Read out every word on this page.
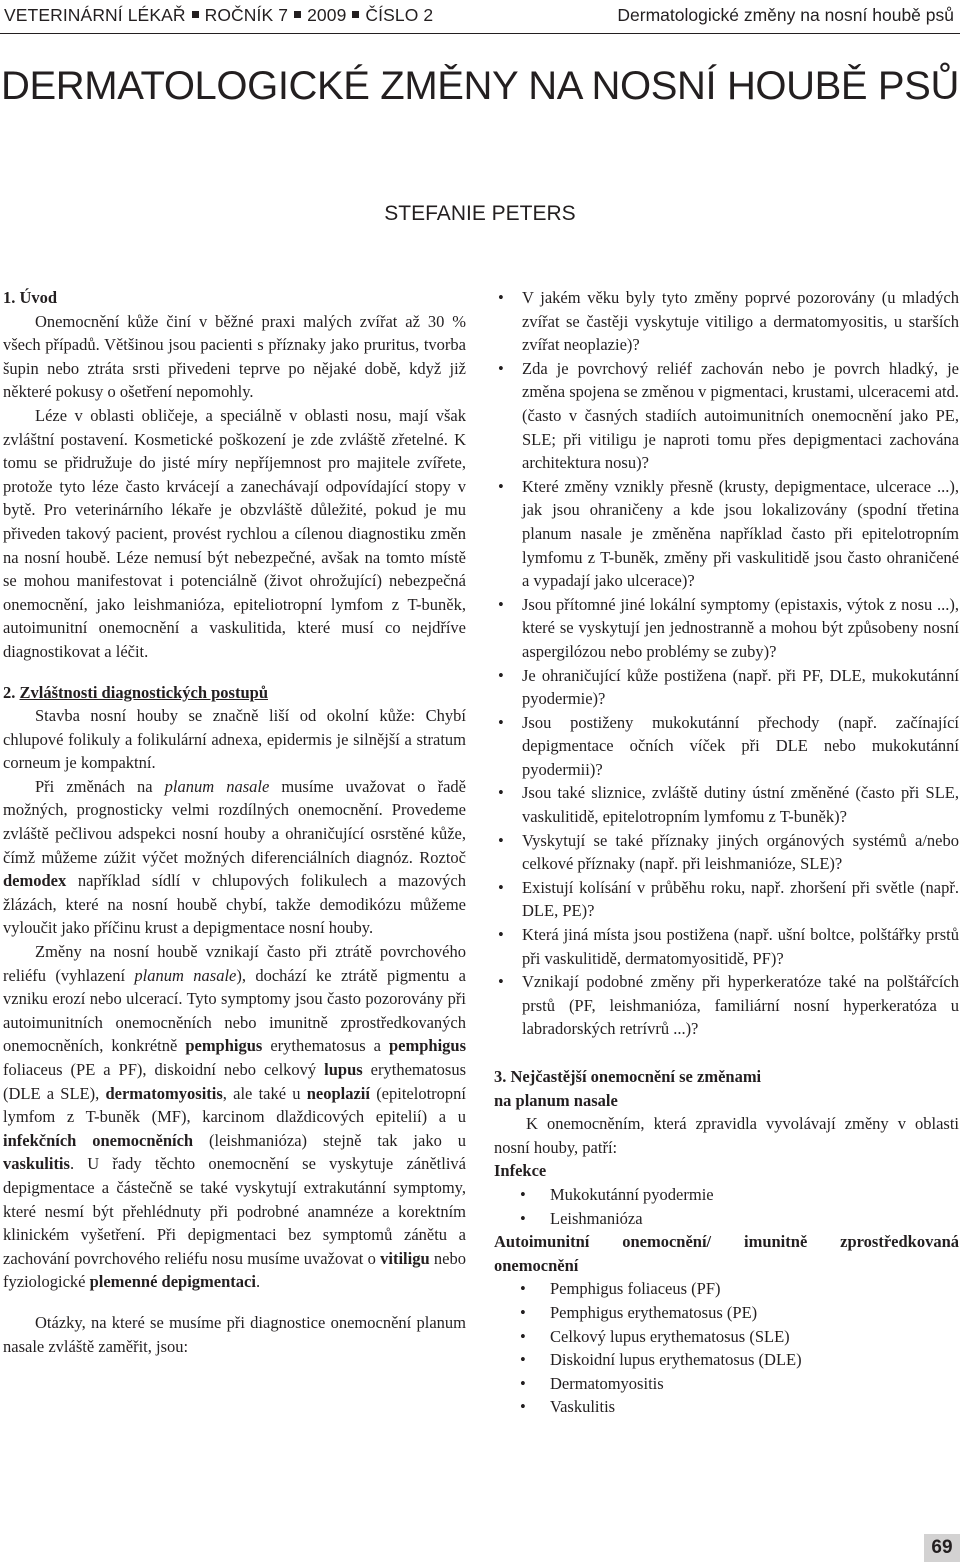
VETERINÁRNÍ LÉKAŘ ROČNÍK 7 2009 ČÍSLO 2	Dermatologické změny na nosní houbě psů
DERMATOLOGICKÉ ZMĚNY NA NOSNÍ HOUBĚ PSŮ
STEFANIE PETERS

1. Úvod

Onemocnění kůže činí v běžné praxi malých zvířat až 30 % všech případů. Většinou jsou pacienti s příznaky jako pruritus, tvorba šupin nebo ztráta srsti přivedeni teprve po nějaké době, když již některé pokusy o ošetření nepomohly.

Léze v oblasti obličeje, a speciálně v oblasti nosu, mají však zvláštní postavení. Kosmetické poškození je zde zvláště zřetelné. K tomu se přidružuje do jisté míry nepříjemnost pro majitele zvířete, protože tyto léze často krvácejí a zanechávají odpovídající stopy v bytě. Pro veterinárního lékaře je obzvláště důležité, pokud je mu přiveden takový pacient, provést rychlou a cílenou diagnostiku změn na nosní houbě. Léze nemusí být nebezpečné, avšak na tomto místě se mohou manifestovat i potenciálně (život ohrožující) nebezpečná onemocnění, jako leishmanióza, epiteliotropní lymfom z T-buněk, autoimunitní onemocnění a vaskulitida, které musí co nejdříve diagnostikovat a léčit.

2. Zvláštnosti diagnostických postupů

Stavba nosní houby se značně liší od okolní kůže: Chybí chlupové folikuly a folikulární adnexa, epidermis je silnější a stratum corneum je kompaktní.

Při změnách na planum nasale musíme uvažovat o řadě možných, prognosticky velmi rozdílných onemocnění. Provedeme zvláště pečlivou adspekci nosní houby a ohraničující osrstěné kůže, čímž můžeme zúžit výčet možných diferenciálních diagnóz. Roztoč demodex například sídlí v chlupových folikulech a mazových žlázách, které na nosní houbě chybí, takže demodikózu můžeme vyloučit jako příčinu krust a depigmentace nosní houby.

Změny na nosní houbě vznikají často při ztrátě povrchového reliéfu (vyhlazení planum nasale), dochází ke ztrátě pigmentu a vzniku erozí nebo ulcerací. Tyto symptomy jsou často pozorovány při autoimunitních onemocněních nebo imunitně zprostředkovaných onemocněních, konkrétně pemphigus erythematosus a pemphigus foliaceus (PE a PF), diskoidní nebo celkový lupus erythematosus (DLE a SLE), dermatomyositis, ale také u neoplazií (epitelotropní lymfom z T-buněk (MF), karcinom dlaždicových epitelií) a u infekčních onemocněních (leishmanióza) stejně tak jako u vaskulitis. U řady těchto onemocnění se vyskytuje zánětlivá depigmentace a částečně se také vyskytují extrakutánní symptomy, které nesmí být přehlédnuty při podrobné anamnéze a korektním klinickém vyšetření. Při depigmentaci bez symptomů zánětu a zachování povrchového reliéfu nosu musíme uvažovat o vitiligu nebo fyziologické plemenné depigmentaci.

Otázky, na které se musíme při diagnostice onemocnění planum nasale zvláště zaměřit, jsou:

• V jakém věku byly tyto změny poprvé pozorovány (u mladých zvířat se častěji vyskytuje vitiligo a dermatomyositis, u starších zvířat neoplazie)?
• Zda je povrchový reliéf zachován nebo je povrch hladký, je změna spojena se změnou v pigmentaci, krustami, ulceracemi atd. (často v časných stadiích autoimunitních onemocnění jako PE, SLE; při vitiligu je naproti tomu přes depigmentaci zachována architektura nosu)?
• Které změny vznikly přesně (krusty, depigmentace, ulcerace ...), jak jsou ohraničeny a kde jsou lokalizovány (spodní třetina planum nasale je změněna například často při epitelotropním lymfomu z T-buněk, změny při vaskulitidě jsou často ohraničené a vypadají jako ulcerace)?
• Jsou přítomné jiné lokální symptomy (epistaxis, výtok z nosu ...), které se vyskytují jen jednostranně a mohou být způsobeny nosní aspergilózou nebo problémy se zuby)?
• Je ohraničující kůže postižena (např. při PF, DLE, mukokutánní pyodermie)?
• Jsou postiženy mukokutánní přechody (např. začínající depigmentace očních víček při DLE nebo mukokutánní pyodermii)?
• Jsou také sliznice, zvláště dutiny ústní změněné (často při SLE, vaskulitidě, epitelotropním lymfomu z T-buněk)?
• Vyskytují se také příznaky jiných orgánových systémů a/nebo celkové příznaky (např. při leishmanióze, SLE)?
• Existují kolísání v průběhu roku, např. zhoršení při světle (např. DLE, PE)?
• Která jiná místa jsou postižena (např. ušní boltce, polštářky prstů při vaskulitidě, dermatomyositidě, PF)?
• Vznikají podobné změny při hyperkeratóze také na polštářcích prstů (PF, leishmanióza, familiární nosní hyperkeratóza u labradorských retrívrů ...)?

3. Nejčastější onemocnění se změnami
na planum nasale

K onemocněním, která zpravidla vyvolávají změny v oblasti nosní houby, patří:

Infekce

• Mukokutánní pyodermie
• Leishmanióza

Autoimunitní onemocnění/ imunitně zprostředkovaná onemocnění

• Pemphigus foliaceus (PF)
• Pemphigus erythematosus (PE)
• Celkový lupus erythematosus (SLE)
• Diskoidní lupus erythematosus (DLE)
• Dermatomyositis
• Vaskulitis
69
